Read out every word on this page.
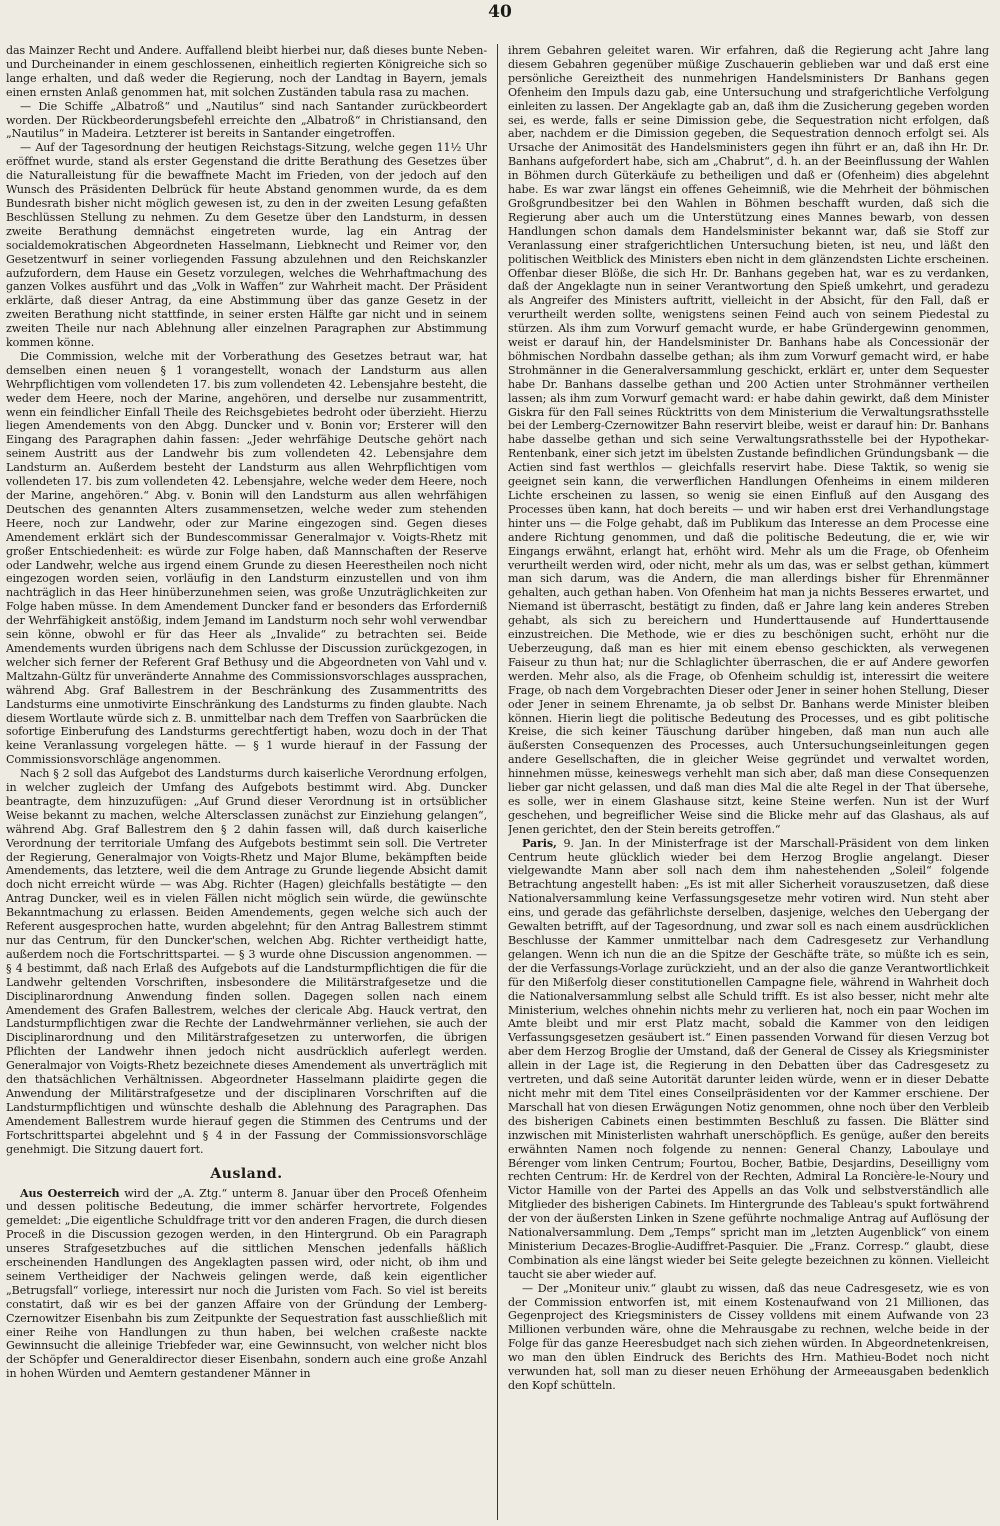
40

das Mainzer Recht und Andere. Auffallend bleibt hierbei nur, daß dieses bunte Neben- und Durcheinander in einem geschlossenen, einheitlich regierten Königreiche sich so lange erhalten, und daß weder die Regierung, noch der Landtag in Bayern, jemals einen ernsten Anlaß genommen hat, mit solchen Zuständen tabula rasa zu machen.

— Die Schiffe „Albatroß“ und „Nautilus“ sind nach Santander zurückbeordert worden. Der Rückbeorderungsbefehl erreichte den „Albatroß“ in Christiansand, den „Nautilus“ in Madeira. Letzterer ist bereits in Santander eingetroffen.

— Auf der Tagesordnung der heutigen Reichstags-Sitzung, welche gegen 11½ Uhr eröffnet wurde, stand als erster Gegenstand die dritte Berathung des Gesetzes über die Naturalleistung für die bewaffnete Macht im Frieden, von der jedoch auf den Wunsch des Präsidenten Delbrück für heute Abstand genommen wurde, da es dem Bundesrath bisher nicht möglich gewesen ist, zu den in der zweiten Lesung gefaßten Beschlüssen Stellung zu nehmen. Zu dem Gesetze über den Landsturm, in dessen zweite Berathung demnächst eingetreten wurde, lag ein Antrag der socialdemokratischen Abgeordneten Hasselmann, Liebknecht und Reimer vor, den Gesetzentwurf in seiner vorliegenden Fassung abzulehnen und den Reichskanzler aufzufordern, dem Hause ein Gesetz vorzulegen, welches die Wehrhaftmachung des ganzen Volkes ausführt und das „Volk in Waffen“ zur Wahrheit macht. Der Präsident erklärte, daß dieser Antrag, da eine Abstimmung über das ganze Gesetz in der zweiten Berathung nicht stattfinde, in seiner ersten Hälfte gar nicht und in seinem zweiten Theile nur nach Ablehnung aller einzelnen Paragraphen zur Abstimmung kommen könne.

Die Commission, welche mit der Vorberathung des Gesetzes betraut war, hat demselben einen neuen § 1 vorangestellt, wonach der Landsturm aus allen Wehrpflichtigen vom vollendeten 17. bis zum vollendeten 42. Lebensjahre besteht, die weder dem Heere, noch der Marine, angehören, und derselbe nur zusammentritt, wenn ein feindlicher Einfall Theile des Reichsgebietes bedroht oder überzieht. Hierzu liegen Amendements von den Abgg. Duncker und v. Bonin vor; Ersterer will den Eingang des Paragraphen dahin fassen: „Jeder wehrfähige Deutsche gehört nach seinem Austritt aus der Landwehr bis zum vollendeten 42. Lebensjahre dem Landsturm an. Außerdem besteht der Landsturm aus allen Wehrpflichtigen vom vollendeten 17. bis zum vollendeten 42. Lebensjahre, welche weder dem Heere, noch der Marine, angehören.“ Abg. v. Bonin will den Landsturm aus allen wehrfähigen Deutschen des genannten Alters zusammensetzen, welche weder zum stehenden Heere, noch zur Landwehr, oder zur Marine eingezogen sind. Gegen dieses Amendement erklärt sich der Bundescommissar Generalmajor v. Voigts-Rhetz mit großer Entschiedenheit: es würde zur Folge haben, daß Mannschaften der Reserve oder Landwehr, welche aus irgend einem Grunde zu diesen Heerestheilen noch nicht eingezogen worden seien, vorläufig in den Landsturm einzustellen und von ihm nachträglich in das Heer hinüberzunehmen seien, was große Unzuträglichkeiten zur Folge haben müsse. In dem Amendement Duncker fand er besonders das Erforderniß der Wehrfähigkeit anstößig, indem Jemand im Landsturm noch sehr wohl verwendbar sein könne, obwohl er für das Heer als „Invalide“ zu betrachten sei. Beide Amendements wurden übrigens nach dem Schlusse der Discussion zurückgezogen, in welcher sich ferner der Referent Graf Bethusy und die Abgeordneten von Vahl und v. Maltzahn-Gültz für unveränderte Annahme des Commissionsvorschlages aussprachen, während Abg. Graf Ballestrem in der Beschränkung des Zusammentritts des Landsturms eine unmotivirte Einschränkung des Landsturms zu finden glaubte. Nach diesem Wortlaute würde sich z. B. unmittelbar nach dem Treffen von Saarbrücken die sofortige Einberufung des Landsturms gerechtfertigt haben, wozu doch in der That keine Veranlassung vorgelegen hätte. — § 1 wurde hierauf in der Fassung der Commissionsvorschläge angenommen.

Nach § 2 soll das Aufgebot des Landsturms durch kaiserliche Verordnung erfolgen, in welcher zugleich der Umfang des Aufgebots bestimmt wird. Abg. Duncker beantragte, dem hinzuzufügen: „Auf Grund dieser Verordnung ist in ortsüblicher Weise bekannt zu machen, welche Altersclassen zunächst zur Einziehung gelangen“, während Abg. Graf Ballestrem den § 2 dahin fassen will, daß durch kaiserliche Verordnung der territoriale Umfang des Aufgebots bestimmt sein soll. Die Vertreter der Regierung, Generalmajor von Voigts-Rhetz und Major Blume, bekämpften beide Amendements, das letztere, weil die dem Antrage zu Grunde liegende Absicht damit doch nicht erreicht würde — was Abg. Richter (Hagen) gleichfalls bestätigte — den Antrag Duncker, weil es in vielen Fällen nicht möglich sein würde, die gewünschte Bekanntmachung zu erlassen. Beiden Amendements, gegen welche sich auch der Referent ausgesprochen hatte, wurden abgelehnt; für den Antrag Ballestrem stimmt nur das Centrum, für den Duncker'schen, welchen Abg. Richter vertheidigt hatte, außerdem noch die Fortschrittspartei. — § 3 wurde ohne Discussion angenommen. — § 4 bestimmt, daß nach Erlaß des Aufgebots auf die Landsturmpflichtigen die für die Landwehr geltenden Vorschriften, insbesondere die Militärstrafgesetze und die Disciplinarordnung Anwendung finden sollen. Dagegen sollen nach einem Amendement des Grafen Ballestrem, welches der clericale Abg. Hauck vertrat, den Landsturmpflichtigen zwar die Rechte der Landwehrmänner verliehen, sie auch der Disciplinarordnung und den Militärstrafgesetzen zu unterworfen, die übrigen Pflichten der Landwehr ihnen jedoch nicht ausdrücklich auferlegt werden. Generalmajor von Voigts-Rhetz bezeichnete dieses Amendement als unverträglich mit den thatsächlichen Verhältnissen. Abgeordneter Hasselmann plaidirte gegen die Anwendung der Militärstrafgesetze und der disciplinaren Vorschriften auf die Landsturmpflichtigen und wünschte deshalb die Ablehnung des Paragraphen. Das Amendement Ballestrem wurde hierauf gegen die Stimmen des Centrums und der Fortschrittspartei abgelehnt und § 4 in der Fassung der Commissionsvorschläge genehmigt. Die Sitzung dauert fort.

Ausland.

Aus Oesterreich wird der „A. Ztg.“ unterm 8. Januar über den Proceß Ofenheim und dessen politische Bedeutung, die immer schärfer hervortrete, Folgendes gemeldet: „Die eigentliche Schuldfrage tritt vor den anderen Fragen, die durch diesen Proceß in die Discussion gezogen werden, in den Hintergrund. Ob ein Paragraph unseres Strafgesetzbuches auf die sittlichen Menschen jedenfalls häßlich erscheinenden Handlungen des Angeklagten passen wird, oder nicht, ob ihm und seinem Vertheidiger der Nachweis gelingen werde, daß kein eigentlicher „Betrugsfall“ vorliege, interessirt nur noch die Juristen vom Fach. So viel ist bereits constatirt, daß wir es bei der ganzen Affaire von der Gründung der Lemberg-Czernowitzer Eisenbahn bis zum Zeitpunkte der Sequestration fast ausschließlich mit einer Reihe von Handlungen zu thun haben, bei welchen craßeste nackte Gewinnsucht die alleinige Triebfeder war, eine Gewinnsucht, von welcher nicht blos der Schöpfer und Generaldirector dieser Eisenbahn, sondern auch eine große Anzahl in hohen Würden und Aemtern gestandener Männer in

ihrem Gebahren geleitet waren. Wir erfahren, daß die Regierung acht Jahre lang diesem Gebahren gegenüber müßige Zuschauerin geblieben war und daß erst eine persönliche Gereiztheit des nunmehrigen Handelsministers Dr Banhans gegen Ofenheim den Impuls dazu gab, eine Untersuchung und strafgerichtliche Verfolgung einleiten zu lassen. Der Angeklagte gab an, daß ihm die Zusicherung gegeben worden sei, es werde, falls er seine Dimission gebe, die Sequestration nicht erfolgen, daß aber, nachdem er die Dimission gegeben, die Sequestration dennoch erfolgt sei. Als Ursache der Animosität des Handelsministers gegen ihn führt er an, daß ihn Hr. Dr. Banhans aufgefordert habe, sich am „Chabrut“, d. h. an der Beeinflussung der Wahlen in Böhmen durch Güterkäufe zu betheiligen und daß er (Ofenheim) dies abgelehnt habe. Es war zwar längst ein offenes Geheimniß, wie die Mehrheit der böhmischen Großgrundbesitzer bei den Wahlen in Böhmen beschafft wurden, daß sich die Regierung aber auch um die Unterstützung eines Mannes bewarb, von dessen Handlungen schon damals dem Handelsminister bekannt war, daß sie Stoff zur Veranlassung einer strafgerichtlichen Untersuchung bieten, ist neu, und läßt den politischen Weitblick des Ministers eben nicht in dem glänzendsten Lichte erscheinen. Offenbar dieser Blöße, die sich Hr. Dr. Banhans gegeben hat, war es zu verdanken, daß der Angeklagte nun in seiner Verantwortung den Spieß umkehrt, und geradezu als Angreifer des Ministers auftritt, vielleicht in der Absicht, für den Fall, daß er verurtheilt werden sollte, wenigstens seinen Feind auch von seinem Piedestal zu stürzen. Als ihm zum Vorwurf gemacht wurde, er habe Gründergewinn genommen, weist er darauf hin, der Handelsminister Dr. Banhans habe als Concessionär der böhmischen Nordbahn dasselbe gethan; als ihm zum Vorwurf gemacht wird, er habe Strohmänner in die Generalversammlung geschickt, erklärt er, unter dem Sequester habe Dr. Banhans dasselbe gethan und 200 Actien unter Strohmänner vertheilen lassen; als ihm zum Vorwurf gemacht ward: er habe dahin gewirkt, daß dem Minister Giskra für den Fall seines Rücktritts von dem Ministerium die Verwaltungsrathsstelle bei der Lemberg-Czernowitzer Bahn reservirt bleibe, weist er darauf hin: Dr. Banhans habe dasselbe gethan und sich seine Verwaltungsrathsstelle bei der Hypothekar-Rentenbank, einer sich jetzt im übelsten Zustande befindlichen Gründungsbank — die Actien sind fast werthlos — gleichfalls reservirt habe. Diese Taktik, so wenig sie geeignet sein kann, die verwerflichen Handlungen Ofenheims in einem milderen Lichte erscheinen zu lassen, so wenig sie einen Einfluß auf den Ausgang des Processes üben kann, hat doch bereits — und wir haben erst drei Verhandlungstage hinter uns — die Folge gehabt, daß im Publikum das Interesse an dem Processe eine andere Richtung genommen, und daß die politische Bedeutung, die er, wie wir Eingangs erwähnt, erlangt hat, erhöht wird. Mehr als um die Frage, ob Ofenheim verurtheilt werden wird, oder nicht, mehr als um das, was er selbst gethan, kümmert man sich darum, was die Andern, die man allerdings bisher für Ehrenmänner gehalten, auch gethan haben. Von Ofenheim hat man ja nichts Besseres erwartet, und Niemand ist überrascht, bestätigt zu finden, daß er Jahre lang kein anderes Streben gehabt, als sich zu bereichern und Hunderttausende auf Hunderttausende einzustreichen. Die Methode, wie er dies zu beschönigen sucht, erhöht nur die Ueberzeugung, daß man es hier mit einem ebenso geschickten, als verwegenen Faiseur zu thun hat; nur die Schlaglichter überraschen, die er auf Andere geworfen werden. Mehr also, als die Frage, ob Ofenheim schuldig ist, interessirt die weitere Frage, ob nach dem Vorgebrachten Dieser oder Jener in seiner hohen Stellung, Dieser oder Jener in seinem Ehrenamte, ja ob selbst Dr. Banhans werde Minister bleiben können. Hierin liegt die politische Bedeutung des Processes, und es gibt politische Kreise, die sich keiner Täuschung darüber hingeben, daß man nun auch alle äußersten Consequenzen des Processes, auch Untersuchungseinleitungen gegen andere Gesellschaften, die in gleicher Weise gegründet und verwaltet worden, hinnehmen müsse, keineswegs verhehlt man sich aber, daß man diese Consequenzen lieber gar nicht gelassen, und daß man dies Mal die alte Regel in der That übersehe, es solle, wer in einem Glashause sitzt, keine Steine werfen. Nun ist der Wurf geschehen, und begreiflicher Weise sind die Blicke mehr auf das Glashaus, als auf Jenen gerichtet, den der Stein bereits getroffen.“

Paris, 9. Jan. In der Ministerfrage ist der Marschall-Präsident von dem linken Centrum heute glücklich wieder bei dem Herzog Broglie angelangt. Dieser vielgewandte Mann aber soll nach dem ihm nahestehenden „Soleil“ folgende Betrachtung angestellt haben: „Es ist mit aller Sicherheit vorauszusetzen, daß diese Nationalversammlung keine Verfassungsgesetze mehr votiren wird. Nun steht aber eins, und gerade das gefährlichste derselben, dasjenige, welches den Uebergang der Gewalten betrifft, auf der Tagesordnung, und zwar soll es nach einem ausdrücklichen Beschlusse der Kammer unmittelbar nach dem Cadresgesetz zur Verhandlung gelangen. Wenn ich nun die an die Spitze der Geschäfte träte, so müßte ich es sein, der die Verfassungs-Vorlage zurückzieht, und an der also die ganze Verantwortlichkeit für den Mißerfolg dieser constitutionellen Campagne fiele, während in Wahrheit doch die Nationalversammlung selbst alle Schuld trifft. Es ist also besser, nicht mehr alte Ministerium, welches ohnehin nichts mehr zu verlieren hat, noch ein paar Wochen im Amte bleibt und mir erst Platz macht, sobald die Kammer von den leidigen Verfassungsgesetzen gesäubert ist.“ Einen passenden Vorwand für diesen Verzug bot aber dem Herzog Broglie der Umstand, daß der General de Cissey als Kriegsminister allein in der Lage ist, die Regierung in den Debatten über das Cadresgesetz zu vertreten, und daß seine Autorität darunter leiden würde, wenn er in dieser Debatte nicht mehr mit dem Titel eines Conseilpräsidenten vor der Kammer erschiene. Der Marschall hat von diesen Erwägungen Notiz genommen, ohne noch über den Verbleib des bisherigen Cabinets einen bestimmten Beschluß zu fassen. Die Blätter sind inzwischen mit Ministerlisten wahrhaft unerschöpflich. Es genüge, außer den bereits erwähnten Namen noch folgende zu nennen: General Chanzy, Laboulaye und Bérenger vom linken Centrum; Fourtou, Bocher, Batbie, Desjardins, Deseilligny vom rechten Centrum: Hr. de Kerdrel von der Rechten, Admiral La Roncière-le-Noury und Victor Hamille von der Partei des Appells an das Volk und selbstverständlich alle Mitglieder des bisherigen Cabinets. Im Hintergrunde des Tableau's spukt fortwährend der von der äußersten Linken in Szene geführte nochmalige Antrag auf Auflösung der Nationalversammlung. Dem „Temps“ spricht man im „letzten Augenblick“ von einem Ministerium Decazes-Broglie-Audiffret-Pasquier. Die „Franz. Corresp.“ glaubt, diese Combination als eine längst wieder bei Seite gelegte bezeichnen zu können. Vielleicht taucht sie aber wieder auf.

— Der „Moniteur univ.“ glaubt zu wissen, daß das neue Cadresgesetz, wie es von der Commission entworfen ist, mit einem Kostenaufwand von 21 Millionen, das Gegenproject des Kriegsministers de Cissey volldens mit einem Aufwande von 23 Millionen verbunden wäre, ohne die Mehrausgabe zu rechnen, welche beide in der Folge für das ganze Heeresbudget nach sich ziehen würden. In Abgeordnetenkreisen, wo man den üblen Eindruck des Berichts des Hrn. Mathieu-Bodet noch nicht verwunden hat, soll man zu dieser neuen Erhöhung der Armeeausgaben bedenklich den Kopf schütteln.
